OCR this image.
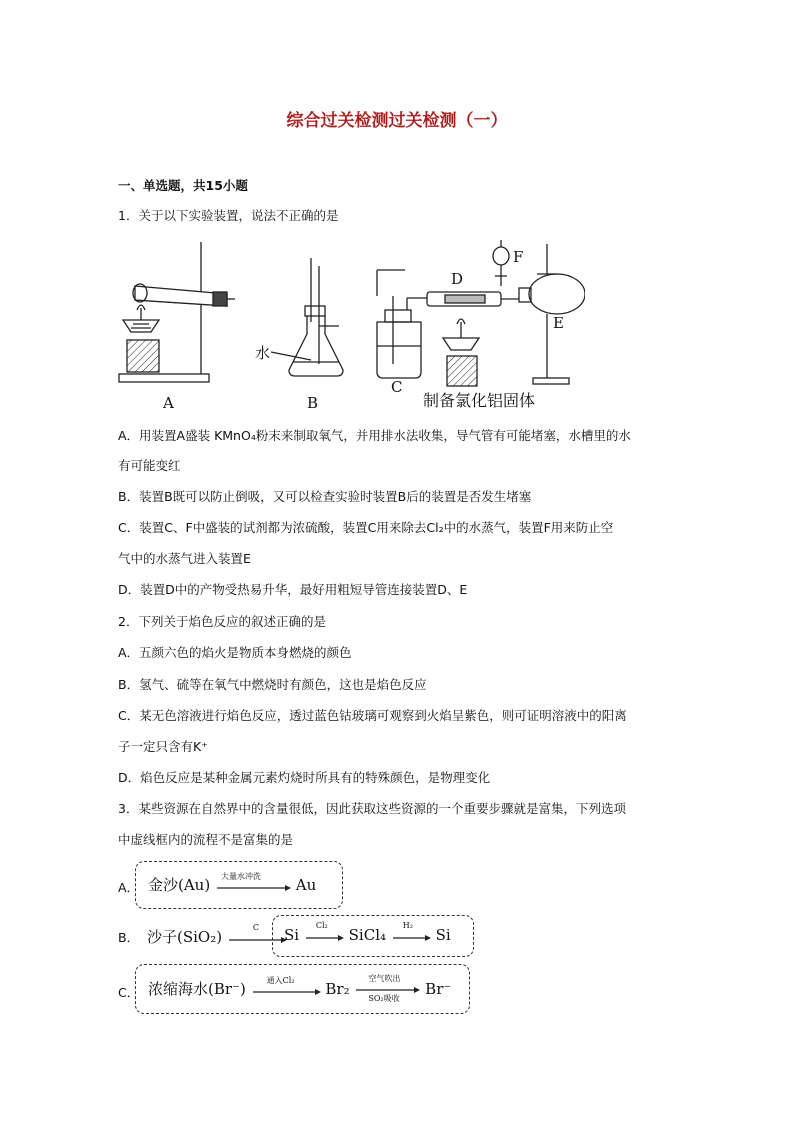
综合过关检测过关检测（一）
一、单选题，共15小题
1．关于以下实验装置，说法不正确的是
A	B
C
D
E
F
水
制备氯化铝固体
A．用装置A盛装 KMnO₄粉末来制取氧气，并用排水法收集，导气管有可能堵塞，水槽里的水
有可能变红
B．装置B既可以防止倒吸，又可以检查实验时装置B后的装置是否发生堵塞
C．装置C、F中盛装的试剂都为浓硫酸，装置C用来除去Cl₂中的水蒸气，装置F用来防止空
气中的水蒸气进入装置E
D．装置D中的产物受热易升华，最好用粗短导管连接装置D、E
2．下列关于焰色反应的叙述正确的是
A．五颜六色的焰火是物质本身燃烧的颜色
B．氢气、硫等在氧气中燃烧时有颜色，这也是焰色反应
C．某无色溶液进行焰色反应，透过蓝色钴玻璃可观察到火焰呈紫色，则可证明溶液中的阳离
子一定只含有K⁺
D．焰色反应是某种金属元素灼烧时所具有的特殊颜色，是物理变化
3．某些资源在自然界中的含量很低，因此获取这些资源的一个重要步骤就是富集，下列选项
中虚线框内的流程不是富集的是
A． 金沙(Au) 大量水冲洗 Au
B． 沙子(SiO₂)
C Si
Cl₂
SiCl₄
H₂
Si
C． 浓缩海水(Br⁻)	通入Cl₂ Br₂
空气吹出
SO₂吸收
Br⁻
